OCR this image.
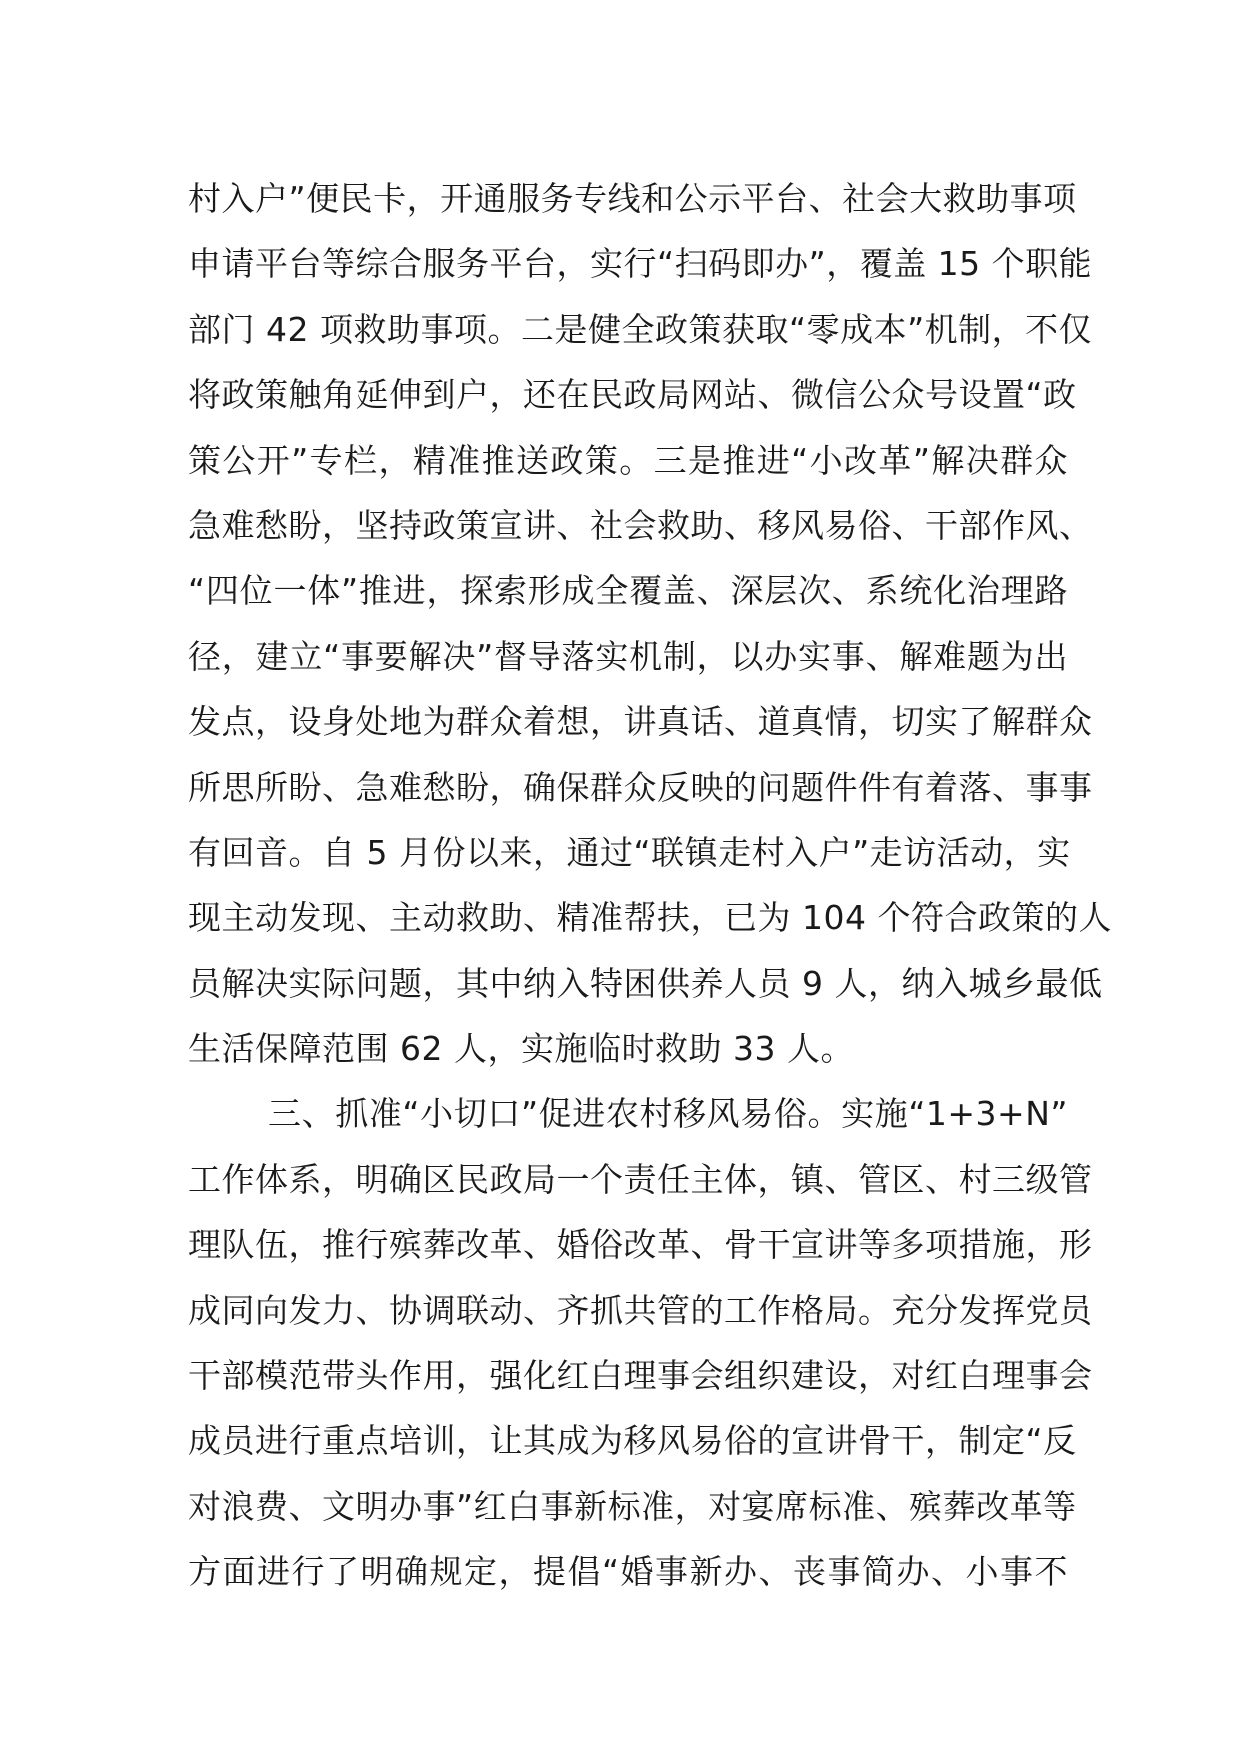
村入户”便民卡，开通服务专线和公示平台、社会大救助事项
申请平台等综合服务平台，实行“扫码即办”，覆盖 15 个职能
部门 42 项救助事项。二是健全政策获取“零成本”机制，不仅
将政策触角延伸到户，还在民政局网站、微信公众号设置“政
策公开”专栏，精准推送政策。三是推进“小改革”解决群众
急难愁盼，坚持政策宣讲、社会救助、移风易俗、干部作风、
“四位一体”推进，探索形成全覆盖、深层次、系统化治理路
径，建立“事要解决”督导落实机制，以办实事、解难题为出
发点，设身处地为群众着想，讲真话、道真情，切实了解群众
所思所盼、急难愁盼，确保群众反映的问题件件有着落、事事
有回音。自 5 月份以来，通过“联镇走村入户”走访活动，实
现主动发现、主动救助、精准帮扶，已为 104 个符合政策的人
员解决实际问题，其中纳入特困供养人员 9 人，纳入城乡最低
生活保障范围 62 人，实施临时救助 33 人。
三、抓准“小切口”促进农村移风易俗。实施“1+3+N”
工作体系，明确区民政局一个责任主体，镇、管区、村三级管
理队伍，推行殡葬改革、婚俗改革、骨干宣讲等多项措施，形
成同向发力、协调联动、齐抓共管的工作格局。充分发挥党员
干部模范带头作用，强化红白理事会组织建设，对红白理事会
成员进行重点培训，让其成为移风易俗的宣讲骨干，制定“反
对浪费、文明办事”红白事新标准，对宴席标准、殡葬改革等
方面进行了明确规定，提倡“婚事新办、丧事简办、小事不
